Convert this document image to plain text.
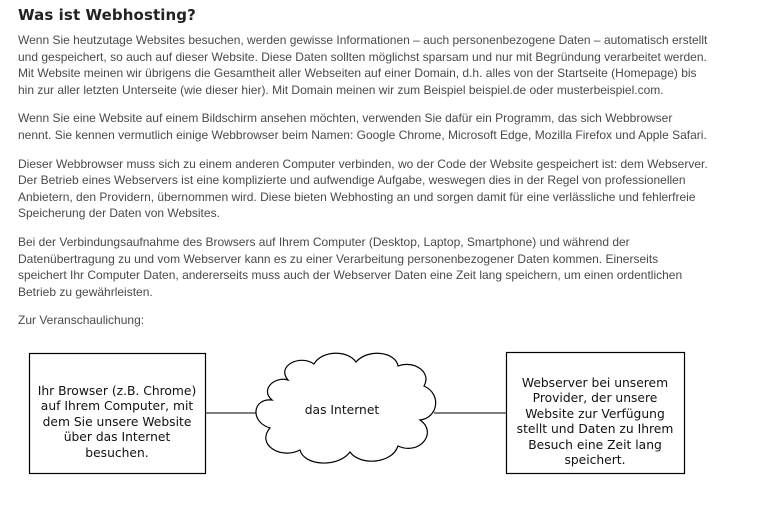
Was ist Webhosting?

Wenn Sie heutzutage Websites besuchen, werden gewisse Informationen – auch personenbezogene Daten – automatisch erstellt und gespeichert, so auch auf dieser Website. Diese Daten sollten möglichst sparsam und nur mit Begründung verarbeitet werden. Mit Website meinen wir übrigens die Gesamtheit aller Webseiten auf einer Domain, d.h. alles von der Startseite (Homepage) bis hin zur aller letzten Unterseite (wie dieser hier). Mit Domain meinen wir zum Beispiel beispiel.de oder musterbeispiel.com.

Wenn Sie eine Website auf einem Bildschirm ansehen möchten, verwenden Sie dafür ein Programm, das sich Webbrowser nennt. Sie kennen vermutlich einige Webbrowser beim Namen: Google Chrome, Microsoft Edge, Mozilla Firefox und Apple Safari.

Dieser Webbrowser muss sich zu einem anderen Computer verbinden, wo der Code der Website gespeichert ist: dem Webserver. Der Betrieb eines Webservers ist eine komplizierte und aufwendige Aufgabe, weswegen dies in der Regel von professionellen Anbietern, den Providern, übernommen wird. Diese bieten Webhosting an und sorgen damit für eine verlässliche und fehlerfreie Speicherung der Daten von Websites.

Bei der Verbindungsaufnahme des Browsers auf Ihrem Computer (Desktop, Laptop, Smartphone) und während der Datenübertragung zu und vom Webserver kann es zu einer Verarbeitung personenbezogener Daten kommen. Einerseits speichert Ihr Computer Daten, andererseits muss auch der Webserver Daten eine Zeit lang speichern, um einen ordentlichen Betrieb zu gewährleisten.

Zur Veranschaulichung:

Ihr Browser (z.B. Chrome) auf Ihrem Computer, mit dem Sie unsere Website über das Internet besuchen.
das Internet
Webserver bei unserem Provider, der unsere Website zur Verfügung stellt und Daten zu Ihrem Besuch eine Zeit lang speichert.
